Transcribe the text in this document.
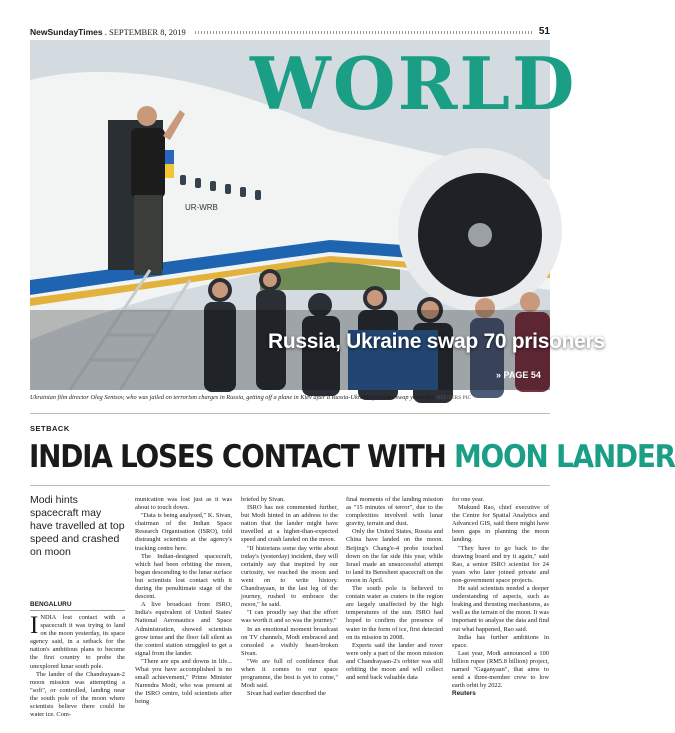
NewSundayTimes . SEPTEMBER 8, 2019	51
UR-WRB
WORLD
Russia, Ukraine swap 70 prisoners
» PAGE 54
Ukrainian film director Oleg Sentsov, who was jailed on terrorism charges in Russia, getting off a plane in Kiev after a Russia-Ukraine prisoner swap yesterday. REUTERS PIC
SETBACK
INDIA LOSES CONTACT WITH MOON LANDER
Modi hints spacecraft may have travelled at top speed and crashed on moon
BENGALURU

INDIA lost contact with a spacecraft it was trying to land on the moon yesterday, its space agency said, in a setback for the nation's ambitious plans to become the first country to probe the unexplored lunar south pole.

The lander of the Chandrayaan-2 moon mission was attempting a "soft", or controlled, landing near the south pole of the moon where scientists believe there could be water ice. Com-

munication was lost just as it was about to touch down.

"Data is being analysed," K. Sivan, chairman of the Indian Space Research Organisation (ISRO), told distraught scientists at the agency's tracking centre here.

The Indian-designed spacecraft, which had been orbiting the moon, began descending to the lunar surface but scientists lost contact with it during the penultimate stage of the descent.

A live broadcast from ISRO, India's equivalent of United States' National Aeronautics and Space Administration, showed scientists grow tense and the floor fall silent as the control station struggled to get a signal from the lander.

"There are ups and downs in life... What you have accomplished is no small achievement," Prime Minister Narendra Modi, who was present at the ISRO centre, told scientists after being

briefed by Sivan.

ISRO has not commented further, but Modi hinted in an address to the nation that the lander might have travelled at a higher-than-expected speed and crash landed on the moon.

"If historians some day write about today's (yesterday) incident, they will certainly say that inspired by our curiosity, we reached the moon and went on to write history. Chandrayaan, in the last leg of the journey, rushed to embrace the moon," he said.

"I can proudly say that the effort was worth it and so was the journey."

In an emotional moment broadcast on TV channels, Modi embraced and consoled a visibly heart-broken Sivan.

"We are full of confidence that when it comes to our space programme, the best is yet to come," Modi said.

Sivan had earlier described the

final moments of the landing mission as "15 minutes of terror", due to the complexities involved with lunar gravity, terrain and dust.

Only the United States, Russia and China have landed on the moon. Beijing's Chang'e-4 probe touched down on the far side this year, while Israel made an unsuccessful attempt to land its Beresheet spacecraft on the moon in April.

The south pole is believed to contain water as craters in the region are largely unaffected by the high temperatures of the sun. ISRO had hoped to confirm the presence of water in the form of ice, first detected on its mission in 2008.

Experts said the lander and rover were only a part of the moon mission and Chandrayaan-2's orbiter was still orbiting the moon and will collect and send back valuable data

for one year.

Mukund Rao, chief executive of the Centre for Spatial Analytics and Advanced GIS, said there might have been gaps in planning the moon landing.

"They have to go back to the drawing board and try it again," said Rao, a senior ISRO scientist for 24 years who later joined private and non-government space projects.

He said scientists needed a deeper understanding of aspects, such as braking and thrusting mechanisms, as well as the terrain of the moon. It was important to analyse the data and find out what happened, Rao said.

India has further ambitions in space.

Last year, Modi announced a 100 billion rupee (RM5.8 billion) project, named "Gaganyaan", that aims to send a three-member crew to low earth orbit by 2022.

Reuters
